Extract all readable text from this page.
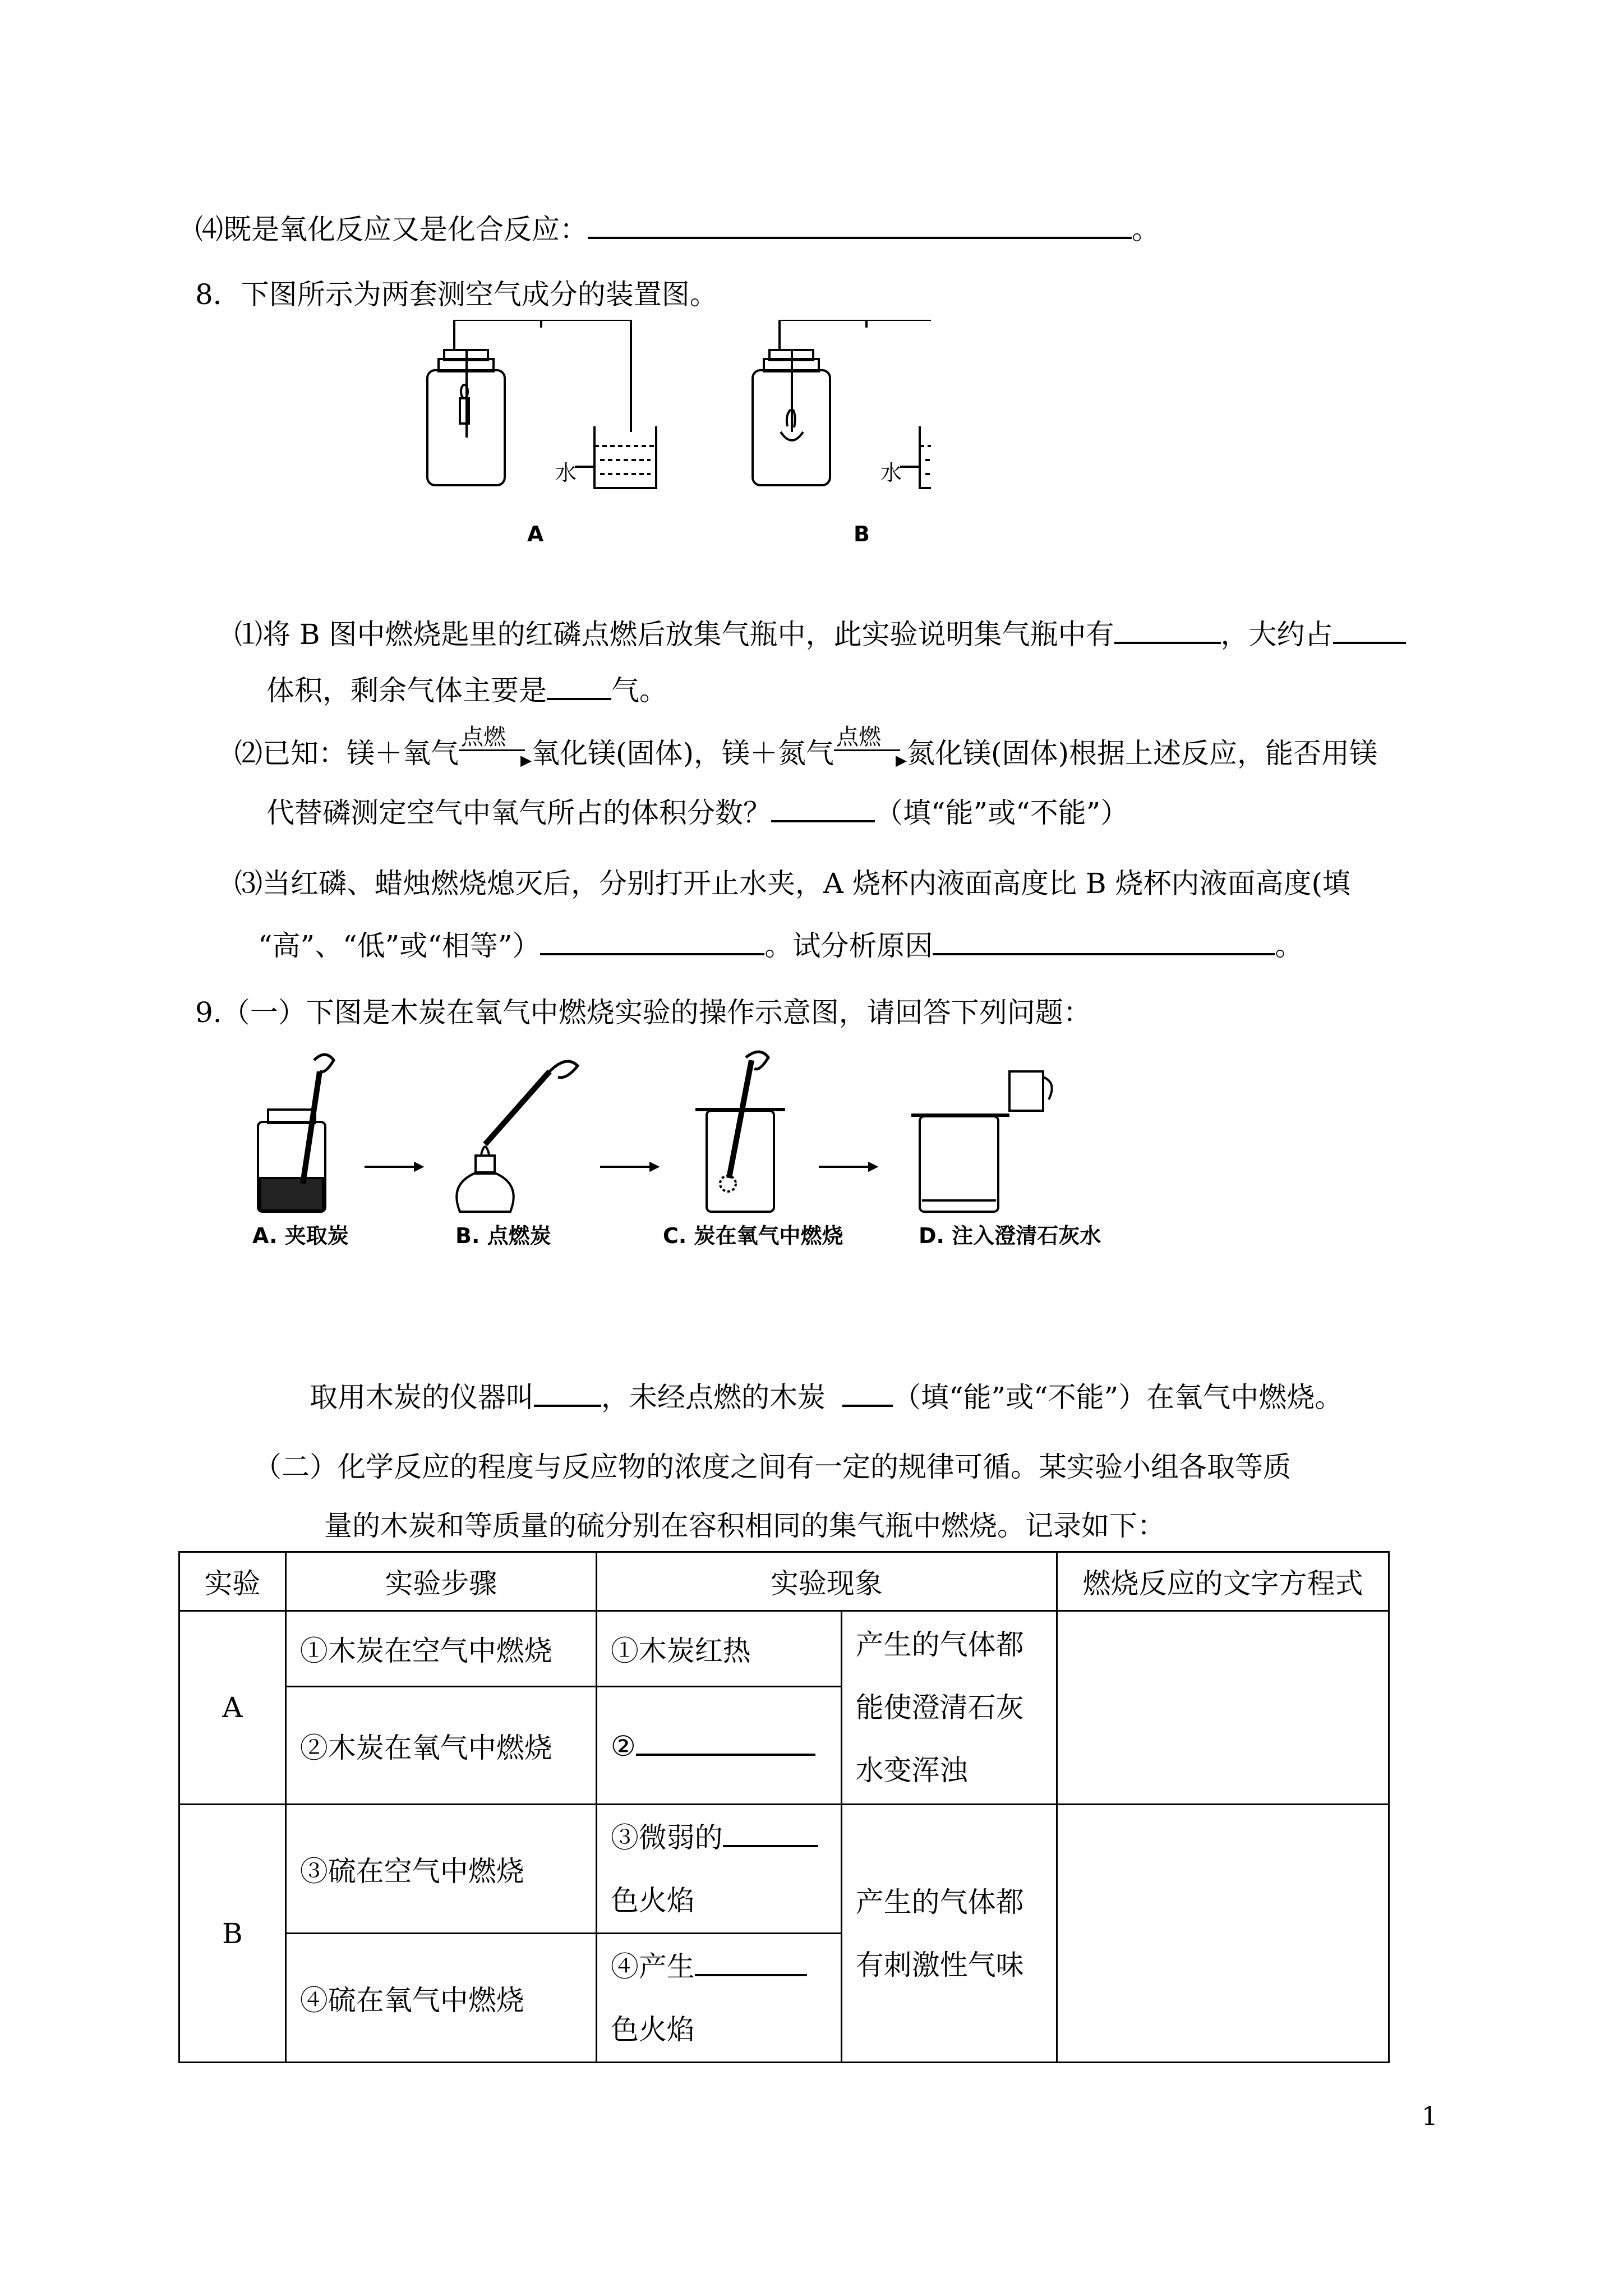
⑷既是氧化反应又是化合反应：	。
8．下图所示为两套测空气成分的装置图。
水	水
A	B
⑴将 B 图中燃烧匙里的红磷点燃后放集气瓶中，此实验说明集气瓶中有	，大约占
体积，剩余气体主要是 气。
⑵已知：镁＋氧气 点燃
▶ 氧化镁(固体)，镁＋氮气 点燃
▶ 氮化镁(固体)根据上述反应，能否用镁
代替磷测定空气中氧气所占的体积分数？	（填“能”或“不能”）
⑶当红磷、蜡烛燃烧熄灭后，分别打开止水夹，A 烧杯内液面高度比 B 烧杯内液面高度(填
“高”、“低”或“相等”）	。试分析原因	。
9.（一）下图是木炭在氧气中燃烧实验的操作示意图，请回答下列问题：
A. 夹取炭	B. 点燃炭	C. 炭在氧气中燃烧	D. 注入澄清石灰水
取用木炭的仪器叫 ，未经点燃的木炭 （填“能”或“不能”）在氧气中燃烧。
（二）化学反应的程度与反应物的浓度之间有一定的规律可循。某实验小组各取等质
量的木炭和等质量的硫分别在容积相同的集气瓶中燃烧。记录如下：
实验	实验步骤	实验现象		燃烧反应的文字方程式
A	①木炭在空气中燃烧	①木炭红热	产生的气体都能使澄清石灰水变浑浊	
	②木炭在氧气中燃烧	②		
B	③硫在空气中燃烧	③微弱的
色火焰	产生的气体都有刺激性气味	
	④硫在氧气中燃烧	④产生
色火焰		
1
